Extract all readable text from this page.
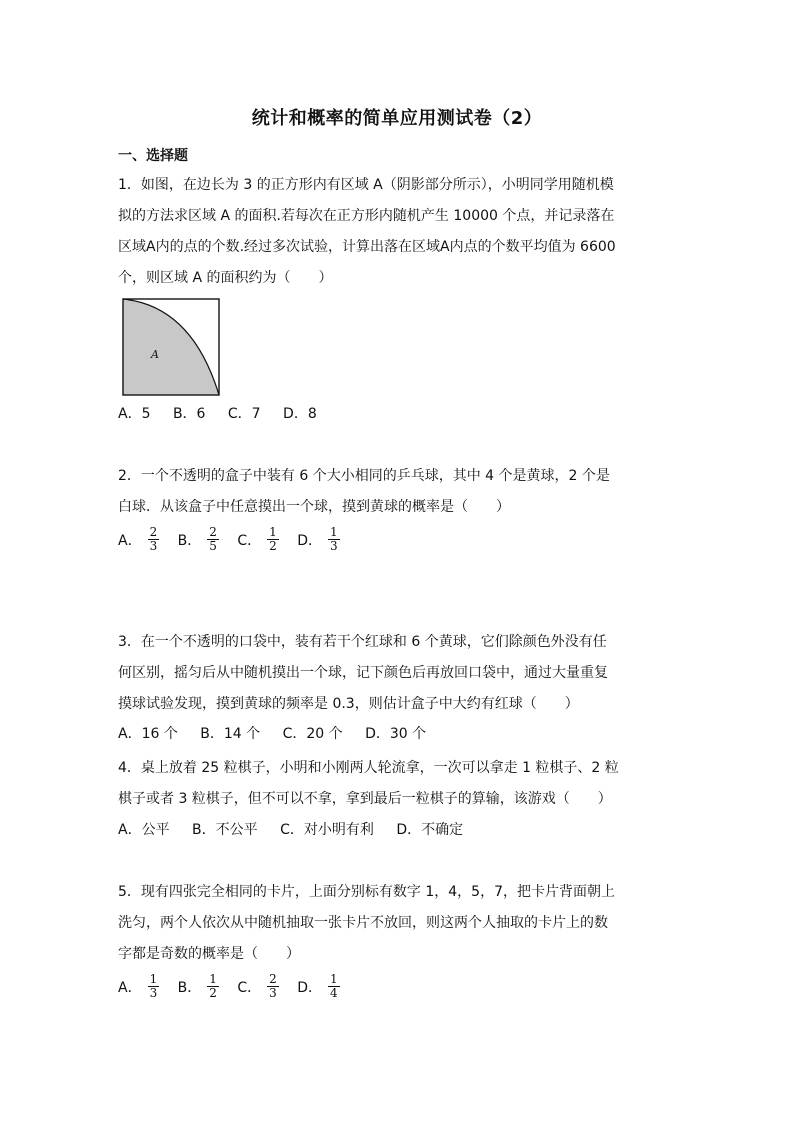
统计和概率的简单应用测试卷（2）
一、选择题
1．如图，在边长为 3 的正方形内有区域 A（阴影部分所示），小明同学用随机模
拟的方法求区域 A 的面积.若每次在正方形内随机产生 10000 个点，并记录落在
区域A内的点的个数.经过多次试验，计算出落在区域A内点的个数平均值为 6600
个，则区域 A 的面积约为（　　）
A
A．5 B．6 C．7 D．8
2．一个不透明的盒子中装有 6 个大小相同的乒乓球，其中 4 个是黄球，2 个是
白球．从该盒子中任意摸出一个球，摸到黄球的概率是（　　）
A． $\frac{2}{3}$
B． $\frac{2}{5}$
C． $\frac{1}{2}$
D． $\frac{1}{3}$
3．在一个不透明的口袋中，装有若干个红球和 6 个黄球，它们除颜色外没有任
何区别，摇匀后从中随机摸出一个球，记下颜色后再放回口袋中，通过大量重复
摸球试验发现，摸到黄球的频率是 0.3，则估计盒子中大约有红球（　　）
A．16 个 B．14 个 C．20 个 D．30 个
4．桌上放着 25 粒棋子，小明和小刚两人轮流拿，一次可以拿走 1 粒棋子、2 粒
棋子或者 3 粒棋子，但不可以不拿，拿到最后一粒棋子的算输，该游戏（　　）
A．公平 B．不公平 C．对小明有利 D．不确定
5．现有四张完全相同的卡片，上面分别标有数字 1，4，5，7，把卡片背面朝上
洗匀，两个人依次从中随机抽取一张卡片不放回，则这两个人抽取的卡片上的数
字都是奇数的概率是（　　）
A． $\frac{1}{3}$
B． $\frac{1}{2}$
C． $\frac{2}{3}$
D． $\frac{1}{4}$
